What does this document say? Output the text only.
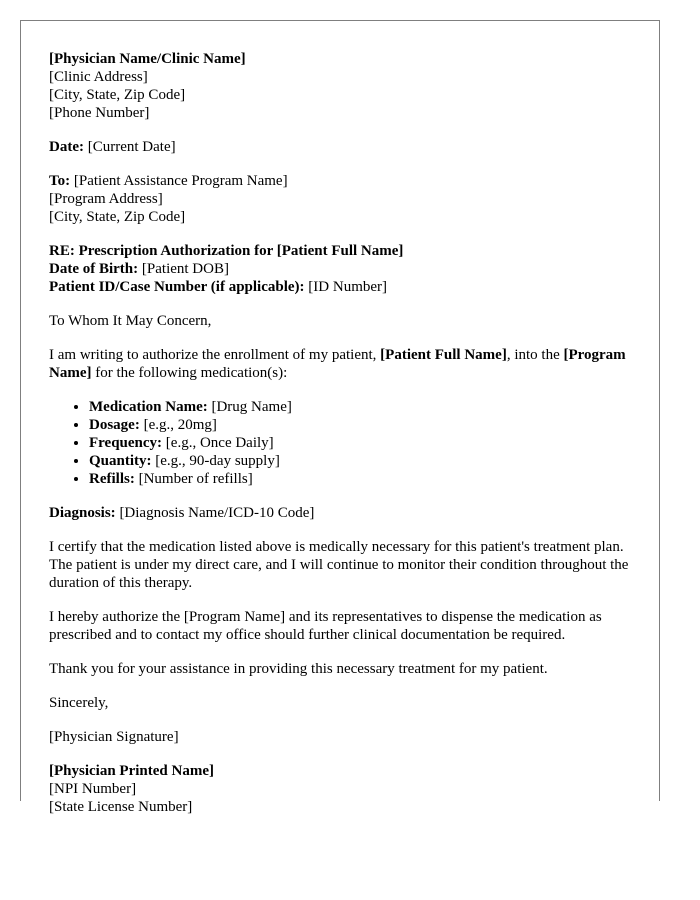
[Physician Name/Clinic Name]
[Clinic Address]
[City, State, Zip Code]
[Phone Number]
Date: [Current Date]
To: [Patient Assistance Program Name]
[Program Address]
[City, State, Zip Code]
RE: Prescription Authorization for [Patient Full Name]
Date of Birth: [Patient DOB]
Patient ID/Case Number (if applicable): [ID Number]

To Whom It May Concern,

I am writing to authorize the enrollment of my patient, [Patient Full Name], into the [Program Name] for the following medication(s):

• Medication Name: [Drug Name]
• Dosage: [e.g., 20mg]
• Frequency: [e.g., Once Daily]
• Quantity: [e.g., 90-day supply]
• Refills: [Number of refills]

Diagnosis: [Diagnosis Name/ICD-10 Code]

I certify that the medication listed above is medically necessary for this patient's treatment plan. The patient is under my direct care, and I will continue to monitor their condition throughout the duration of this therapy.

I hereby authorize the [Program Name] and its representatives to dispense the medication as prescribed and to contact my office should further clinical documentation be required.

Thank you for your assistance in providing this necessary treatment for my patient.

Sincerely,

[Physician Signature]

[Physician Printed Name]
[NPI Number]
[State License Number]
